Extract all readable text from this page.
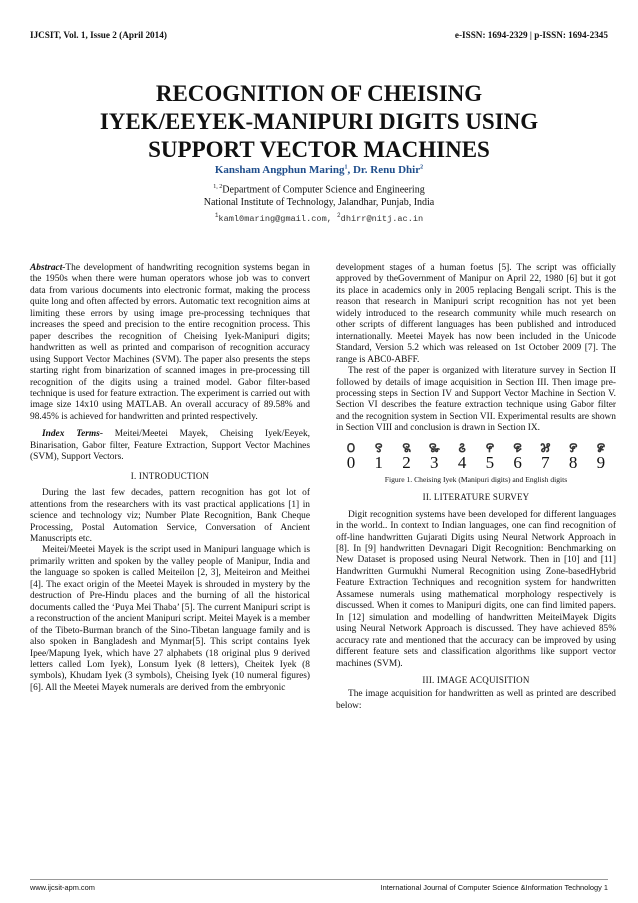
IJCSIT, Vol. 1, Issue 2 (April 2014)	e-ISSN: 1694-2329 | p-ISSN: 1694-2345
RECOGNITION OF CHEISING
IYEK/EEYEK-MANIPURI DIGITS USING
SUPPORT VECTOR MACHINES
Kansham Angphun Maring$^1$, Dr. Renu Dhir$^2$
$^{1, 2}$Department of Computer Science and Engineering
National Institute of Technology, Jalandhar, Punjab, India
$^1$kaml0maring@gmail.com, $^2$dhirr@nitj.ac.in

Abstract-The development of handwriting recognition systems began in the 1950s when there were human operators whose job was to convert data from various documents into electronic format, making the process quite long and often affected by errors. Automatic text recognition aims at limiting these errors by using image pre-processing techniques that increases the speed and precision to the entire recognition process. This paper describes the recognition of Cheising Iyek-Manipuri digits; handwritten as well as printed and comparison of recognition accuracy using Support Vector Machines (SVM). The paper also presents the steps starting right from binarization of scanned images in pre-processing till recognition of the digits using a trained model. Gabor filter-based technique is used for feature extraction. The experiment is carried out with image size 14x10 using MATLAB. An overall accuracy of 89.58% and 98.45% is achieved for handwritten and printed respectively.

Index Terms- Meitei/Meetei Mayek, Cheising Iyek/Eeyek, Binarisation, Gabor filter, Feature Extraction, Support Vector Machines (SVM), Support Vectors.

I. INTRODUCTION

During the last few decades, pattern recognition has got lot of attentions from the researchers with its vast practical applications [1] in science and technology viz; Number Plate Recognition, Bank Cheque Processing, Postal Automation Service, Conversation of Ancient Manuscripts etc.

Meitei/Meetei Mayek is the script used in Manipuri language which is primarily written and spoken by the valley people of Manipur, India and the language so spoken is called Meiteilon [2, 3], Meiteiron and Meithei [4]. The exact origin of the Meetei Mayek is shrouded in mystery by the destruction of Pre-Hindu places and the burning of all the historical documents called the ‘Puya Mei Thaba’ [5]. The current Manipuri script is a reconstruction of the ancient Manipuri script. Meitei Mayek is a member of the Tibeto-Burman branch of the Sino-Tibetan language family and is also spoken in Bangladesh and Mynmar[5]. This script contains Iyek Ipee/Mapung Iyek, which have 27 alphabets (18 original plus 9 derived letters called Lom Iyek), Lonsum Iyek (8 letters), Cheitek Iyek (8 symbols), Khudam Iyek (3 symbols), Cheising Iyek (10 numeral figures) [6]. All the Meetei Mayek numerals are derived from the embryonic

development stages of a human foetus [5]. The script was officially approved by theGovernment of Manipur on April 22, 1980 [6] but it got its place in academics only in 2005 replacing Bengali script. This is the reason that research in Manipuri script recognition has not yet been widely introduced to the research community while much research on other scripts of different languages has been published and introduced internationally. Meetei Mayek has now been included in the Unicode Standard, Version 5.2 which was released on 1st October 2009 [7]. The range is ABC0-ABFF.

The rest of the paper is organized with literature survey in Section II followed by details of image acquisition in Section III. Then image pre-processing steps in Section IV and Support Vector Machine in Section V. Section VI describes the feature extraction technique using Gabor filter and the recognition system in Section VII. Experimental results are shown in Section VIII and conclusion is drawn in Section IX.

꯰	꯱	꯲	꯳	꯴	꯵	꯶	꯷	꯸	꯹
0 1 2 3 4 5 6 7 8 9
Figure 1. Cheising Iyek (Manipuri digits) and English digits
II. LITERATURE SURVEY

Digit recognition systems have been developed for different languages in the world.. In context to Indian languages, one can find recognition of off-line handwritten Gujarati Digits using Neural Network Approach in [8]. In [9] handwritten Devnagari Digit Recognition: Benchmarking on New Dataset is proposed using Neural Network. Then in [10] and [11] Handwritten Gurmukhi Numeral Recognition using Zone-basedHybrid Feature Extraction Techniques and recognition system for handwritten Assamese numerals using mathematical morphology respectively is discussed. When it comes to Manipuri digits, one can find limited papers. In [12] simulation and modelling of handwritten MeiteiMayek Digits using Neural Network Approach is discussed. They have achieved 85% accuracy rate and mentioned that the accuracy can be improved by using different feature sets and classification algorithms like support vector machines (SVM).

III. IMAGE ACQUISITION

The image acquisition for handwritten as well as printed are described below:

www.ijcsit-apm.com	International Journal of Computer Science &Information Technology 1
